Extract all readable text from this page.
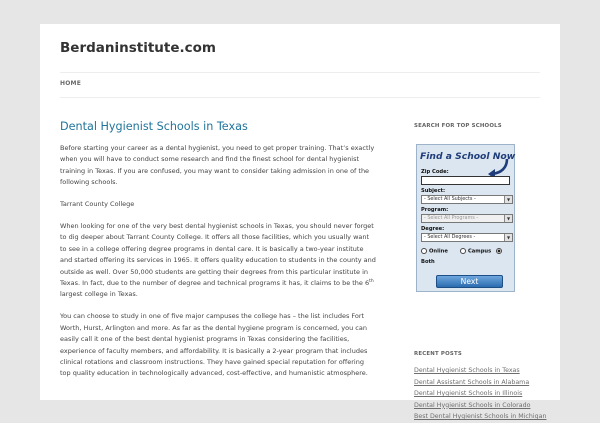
Berdaninstitute.com
HOME
Dental Hygienist Schools in Texas

Before starting your career as a dental hygienist, you need to get proper training. That’s exactly when you will have to conduct some research and find the finest school for dental hygienist training in Texas. If you are confused, you may want to consider taking admission in one of the following schools.

Tarrant County College

When looking for one of the very best dental hygienist schools in Texas, you should never forget to dig deeper about Tarrant County College. It offers all those facilities, which you usually want to see in a college offering degree programs in dental care. It is basically a two-year institute and started offering its services in 1965. It offers quality education to students in the county and outside as well. Over 50,000 students are getting their degrees from this particular institute in Texas. In fact, due to the number of degree and technical programs it has, it claims to be the 6th largest college in Texas.

You can choose to study in one of five major campuses the college has – the list includes Fort Worth, Hurst, Arlington and more. As far as the dental hygiene program is concerned, you can easily call it one of the best dental hygienist programs in Texas considering the facilities, experience of faculty members, and affordability. It is basically a 2-year program that includes clinical rotations and classroom instructions. They have gained special reputation for offering top quality education in technologically advanced, cost-effective, and humanistic atmosphere.

SEARCH FOR TOP SCHOOLS
Find a School Now
Zip Code:
Subject:
- Select All Subjects -	▼
Program:
- Select All Programs -	▼
Degree:
- Select All Degrees -	▼
Online	Campus
Both
Next
RECENT POSTS
Dental Hygienist Schools in Texas
Dental Assistant Schools in Alabama
Dental Hygienist Schools in Illinois
Dental Hygienist Schools in Colorado
Best Dental Hygienist Schools in Michigan
